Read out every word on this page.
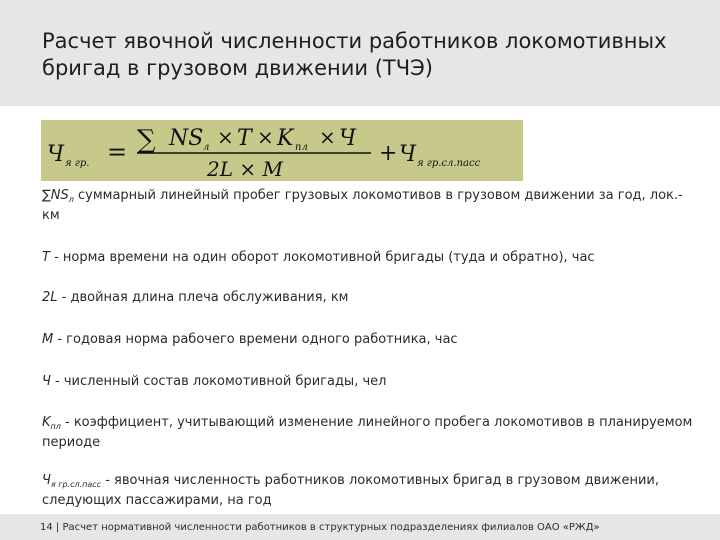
Расчет явочной численности работников локомотивных бригад в грузовом движении (ТЧЭ)
Ч я гр. = ∑ NS л × T × K пл × Ч
2L × M
+ Ч я гр.сл.пасс
$\sum NS_л$ суммарный линейный пробег грузовых локомотивов в грузовом движении за год, лок.- км
T - норма времени на один оборот локомотивной бригады (туда и обратно), час
2L - двойная длина плеча обслуживания, км
M - годовая норма рабочего времени одного работника, час
Ч - численный состав локомотивной бригады, чел
$K_{пл}$ - коэффициент, учитывающий изменение линейного пробега локомотивов в планируемом периоде
$Ч_{я гр.сл.пасс}$ - явочная численность работников локомотивных бригад в грузовом движении, следующих пассажирами, на год
14 | Расчет нормативной численности работников в структурных подразделениях филиалов ОАО «РЖД»
